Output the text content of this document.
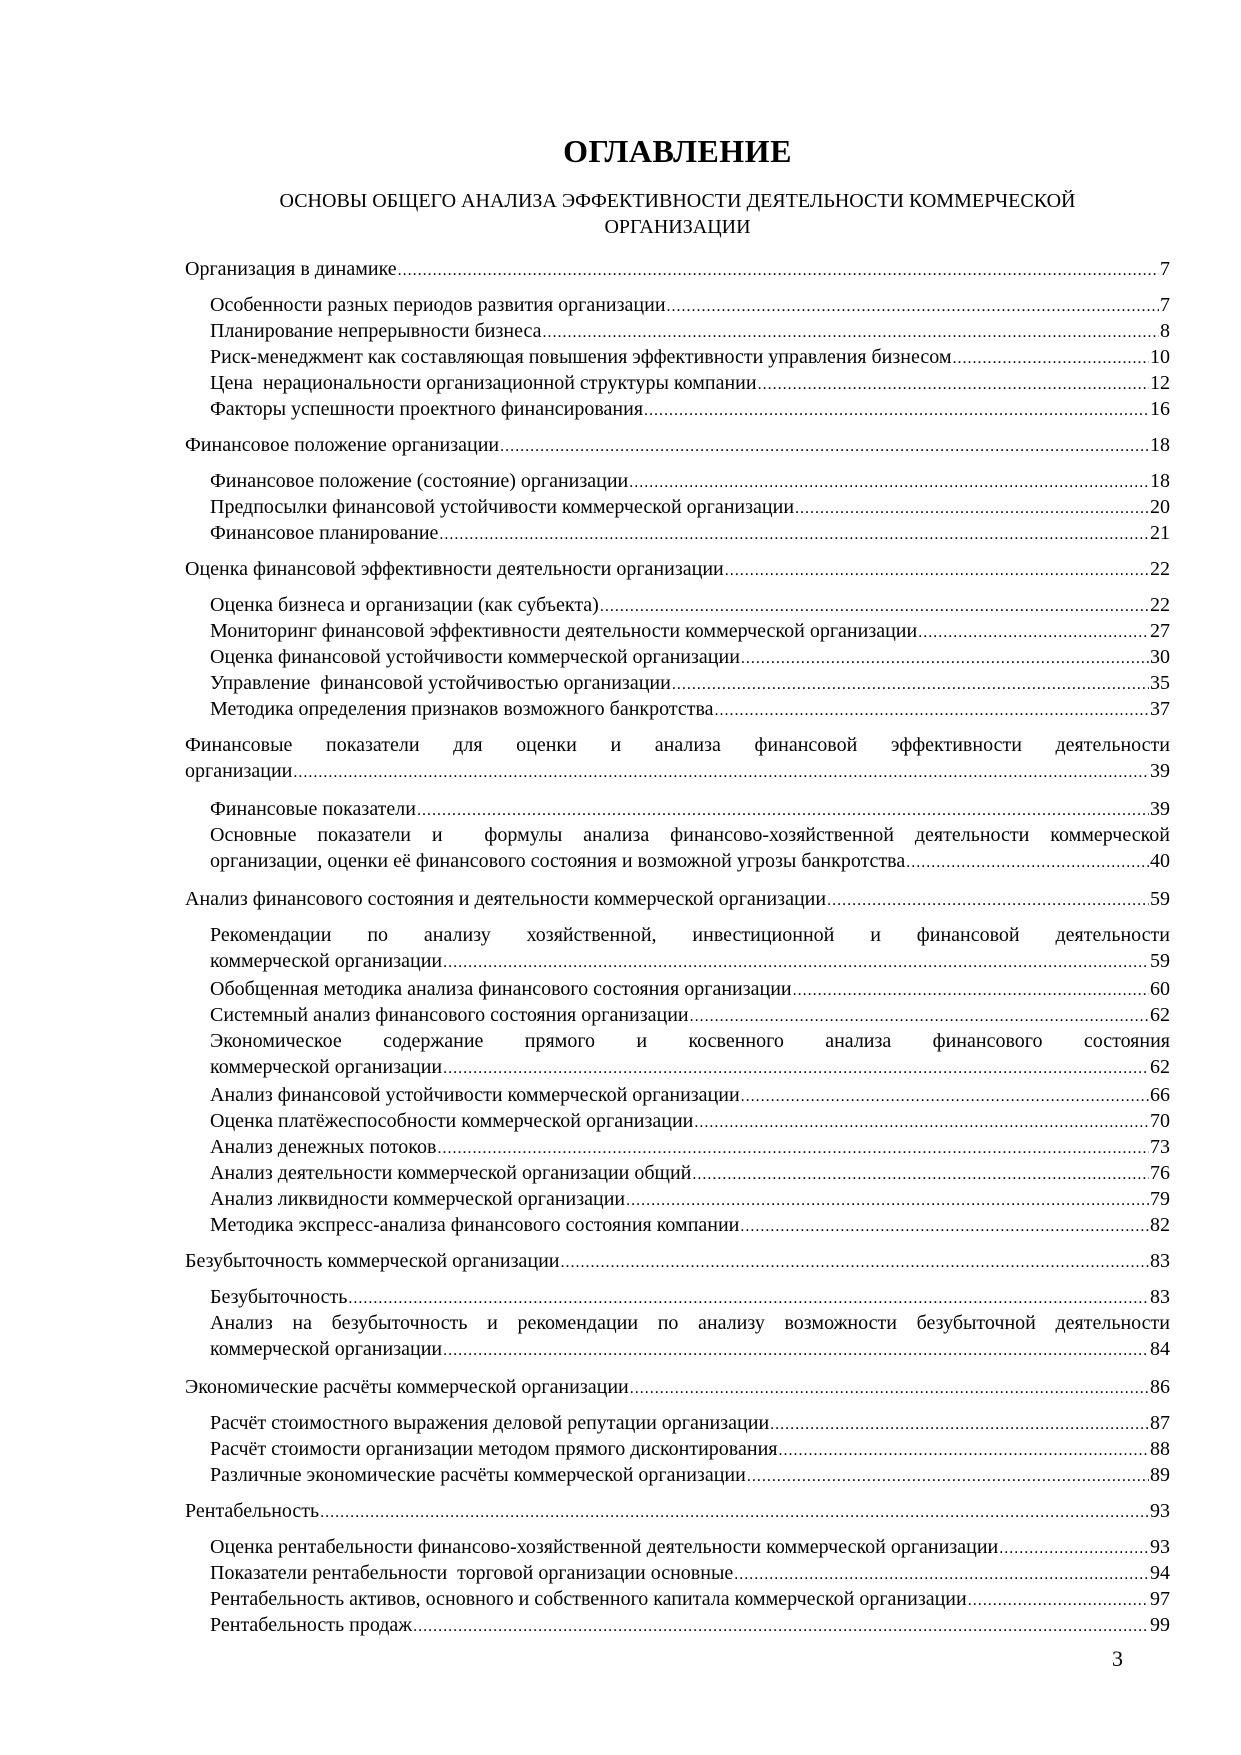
ОГЛАВЛЕНИЕ
ОСНОВЫ ОБЩЕГО АНАЛИЗА ЭФФЕКТИВНОСТИ ДЕЯТЕЛЬНОСТИ КОММЕРЧЕСКОЙ
ОРГАНИЗАЦИИ
Организация в динамике .....	7
Особенности разных периодов развития организации .....	7
Планирование непрерывности бизнеса .....	8
Риск-менеджмент как составляющая повышения эффективности управления бизнесом .....	10
Цена  нерациональности организационной структуры компании .....	12
Факторы успешности проектного финансирования .....	16
Финансовое положение организации .....	18
Финансовое положение (состояние) организации .....	18
Предпосылки финансовой устойчивости коммерческой организации .....	20
Финансовое планирование .....	21
Оценка финансовой эффективности деятельности организации .....	22
Оценка бизнеса и организации (как субъекта) .....	22
Мониторинг финансовой эффективности деятельности коммерческой организации .....	27
Оценка финансовой устойчивости коммерческой организации .....	30
Управление  финансовой устойчивостью организации .....	35
Методика определения признаков возможного банкротства .....	37
Финансовые показатели для оценки и анализа финансовой эффективности деятельности
организации .....	39
Финансовые показатели .....	39
Основные показатели и  формулы анализа финансово-хозяйственной деятельности коммерческой
организации, оценки её финансового состояния и возможной угрозы банкротства .....	40
Анализ финансового состояния и деятельности коммерческой организации .....	59
Рекомендации по анализу хозяйственной, инвестиционной и финансовой деятельности
коммерческой организации .....	59
Обобщенная методика анализа финансового состояния организации .....	60
Системный анализ финансового состояния организации .....	62
Экономическое содержание прямого и косвенного анализа финансового состояния
коммерческой организации .....	62
Анализ финансовой устойчивости коммерческой организации .....	66
Оценка платёжеспособности коммерческой организации .....	70
Анализ денежных потоков .....	73
Анализ деятельности коммерческой организации общий .....	76
Анализ ликвидности коммерческой организации .....	79
Методика экспресс-анализа финансового состояния компании .....	82
Безубыточность коммерческой организации .....	83
Безубыточность .....	83
Анализ на безубыточность и рекомендации по анализу возможности безубыточной деятельности
коммерческой организации .....	84
Экономические расчёты коммерческой организации .....	86
Расчёт стоимостного выражения деловой репутации организации .....	87
Расчёт стоимости организации методом прямого дисконтирования .....	88
Различные экономические расчёты коммерческой организации .....	89
Рентабельность .....	93
Оценка рентабельности финансово-хозяйственной деятельности коммерческой организации .....	93
Показатели рентабельности  торговой организации основные .....	94
Рентабельность активов, основного и собственного капитала коммерческой организации .....	97
Рентабельность продаж .....	99
3
